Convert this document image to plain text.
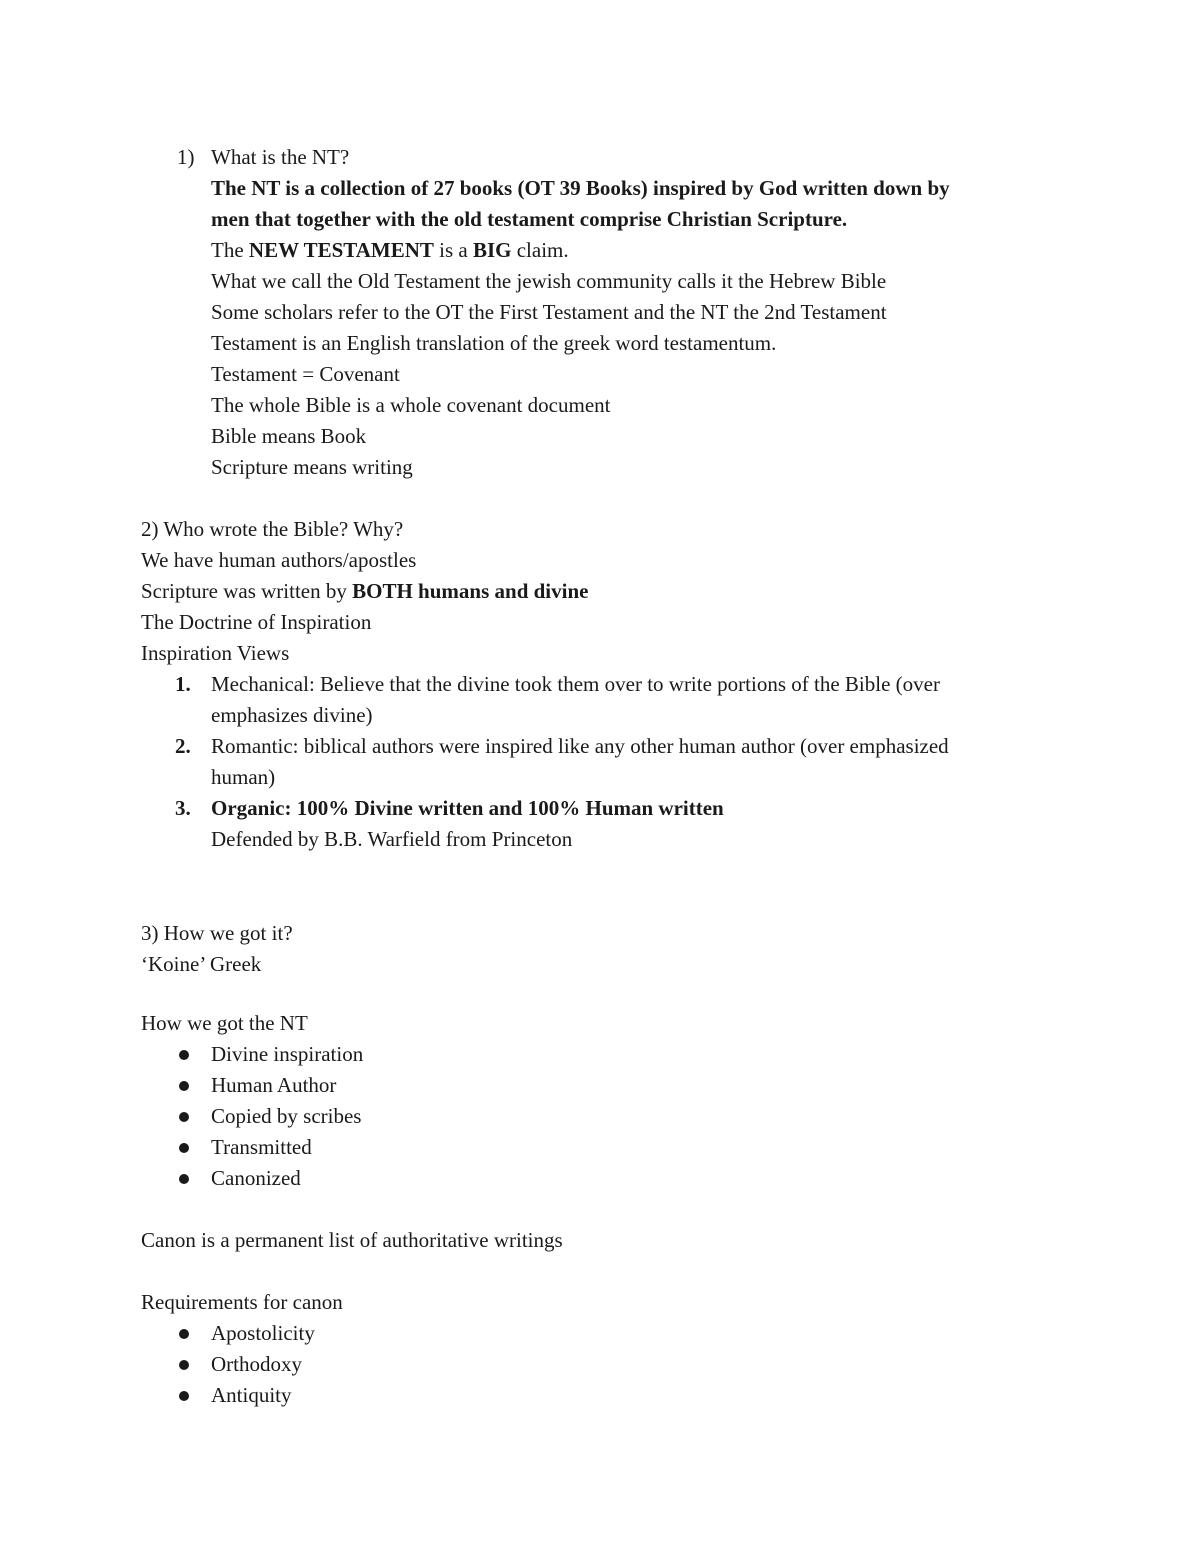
1) What is the NT?
The NT is a collection of 27 books (OT 39 Books) inspired by God written down by
men that together with the old testament comprise Christian Scripture.
The NEW TESTAMENT is a BIG claim.
What we call the Old Testament the jewish community calls it the Hebrew Bible
Some scholars refer to the OT the First Testament and the NT the 2nd Testament
Testament is an English translation of the greek word testamentum.
Testament = Covenant
The whole Bible is a whole covenant document
Bible means Book
Scripture means writing
2) Who wrote the Bible? Why?
We have human authors/apostles
Scripture was written by BOTH humans and divine
The Doctrine of Inspiration
Inspiration Views
1. Mechanical: Believe that the divine took them over to write portions of the Bible (over
emphasizes divine)
2. Romantic: biblical authors were inspired like any other human author (over emphasized
human)
3. Organic: 100% Divine written and 100% Human written
Defended by B.B. Warfield from Princeton
3) How we got it?
‘Koine’ Greek
How we got the NT
Divine inspiration
Human Author
Copied by scribes
Transmitted
Canonized
Canon is a permanent list of authoritative writings
Requirements for canon
Apostolicity
Orthodoxy
Antiquity
